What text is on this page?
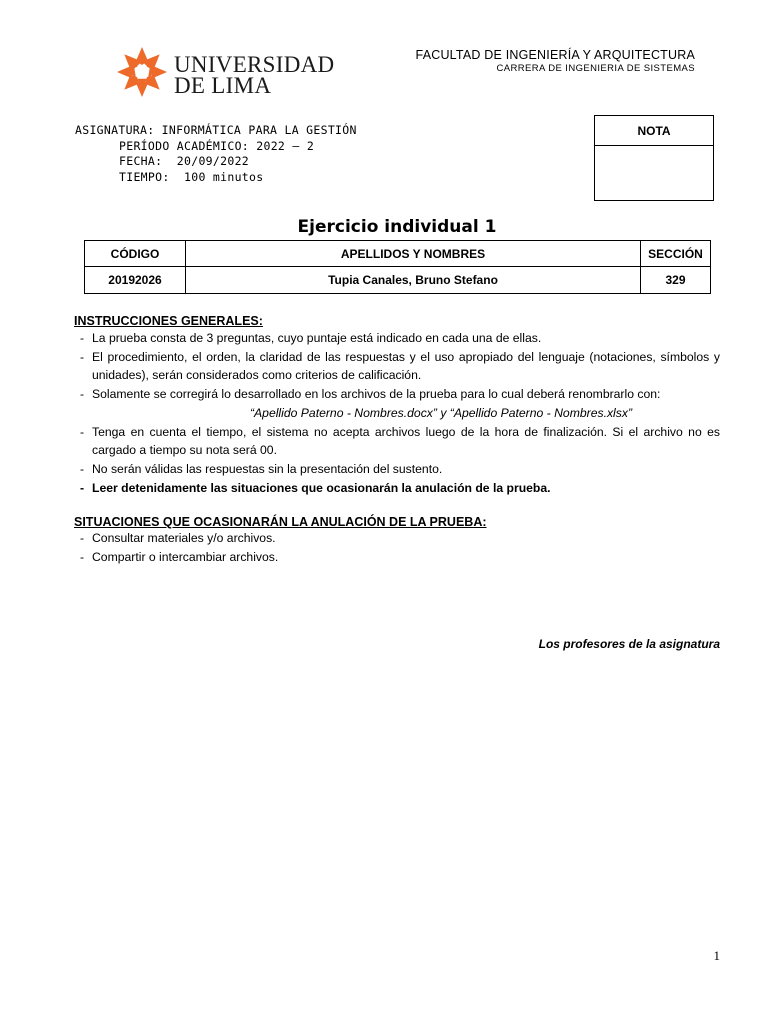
UNIVERSIDAD
DE LIMA
FACULTAD DE INGENIERÍA Y ARQUITECTURA
CARRERA DE INGENIERIA DE SISTEMAS
ASIGNATURA: INFORMÁTICA PARA LA GESTIÓN
PERÍODO ACADÉMICO: 2022 – 2
FECHA:  20/09/2022
TIEMPO:  100 minutos
NOTA
Ejercicio individual 1
CÓDIGO	APELLIDOS Y NOMBRES	SECCIÓN
20192026	Tupia Canales, Bruno Stefano	329
INSTRUCCIONES GENERALES:
- La prueba consta de 3 preguntas, cuyo puntaje está indicado en cada una de ellas.
- El procedimiento, el orden, la claridad de las respuestas y el uso apropiado del lenguaje (notaciones, símbolos y unidades), serán considerados como criterios de calificación.
- Solamente se corregirá lo desarrollado en los archivos de la prueba para lo cual deberá renombrarlo con:
“Apellido Paterno - Nombres.docx” y “Apellido Paterno - Nombres.xlsx”
- Tenga en cuenta el tiempo, el sistema no acepta archivos luego de la hora de finalización. Si el archivo no es cargado a tiempo su nota será 00.
- No serán válidas las respuestas sin la presentación del sustento.
- Leer detenidamente las situaciones que ocasionarán la anulación de la prueba.
SITUACIONES QUE OCASIONARÁN LA ANULACIÓN DE LA PRUEBA:
- Consultar materiales y/o archivos.
- Compartir o intercambiar archivos.
Los profesores de la asignatura
1
